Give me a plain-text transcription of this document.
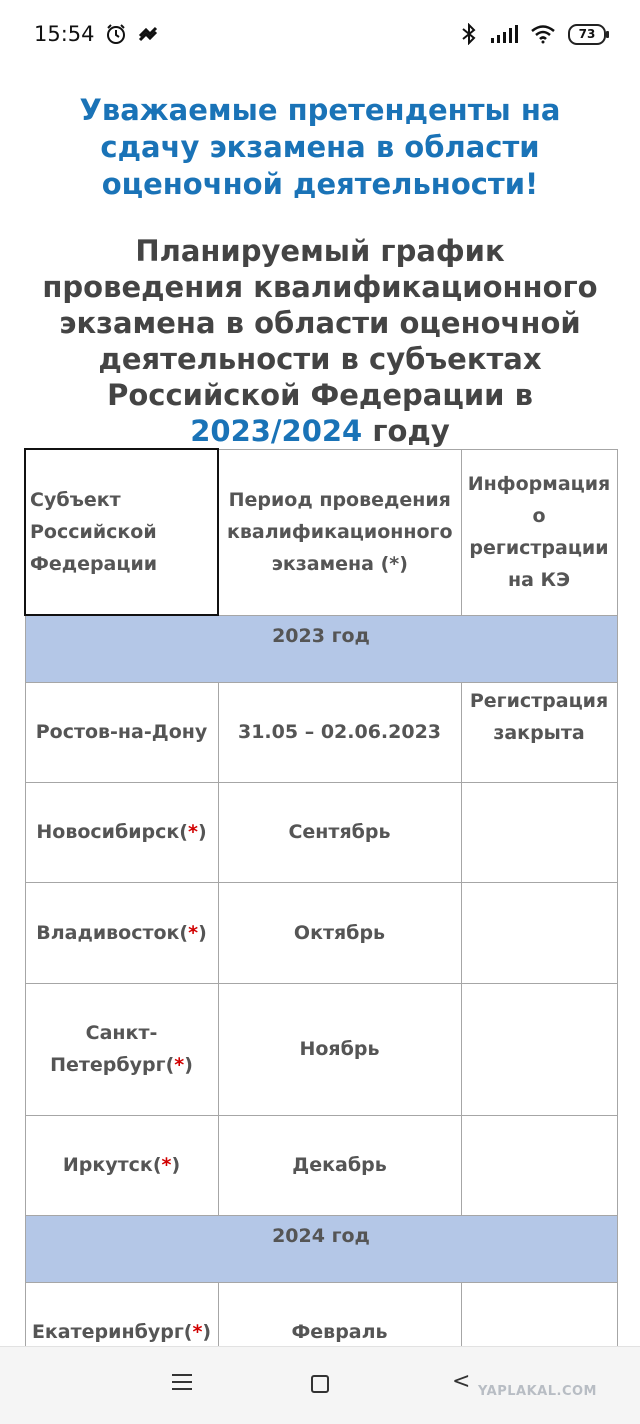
15:54	73
Уважаемые претенденты на сдачу экзамена в области оценочной деятельности!
Планируемый график проведения квалификационного экзамена в области оценочной деятельности в субъектах Российской Федерации в 2023/2024 году
Субъект Российской Федерации	Период проведения квалификационного экзамена (*)	Информация о регистрации на КЭ
2023 год		
Ростов-на-Дону	31.05 – 02.06.2023	Регистрация закрыта
Новосибирск(*)	Сентябрь	
Владивосток(*)	Октябрь	
Санкт-Петербург(*)	Ноябрь	
Иркутск(*)	Декабрь	
2024 год		
Екатеринбург(*)	Февраль	
< YAPLAKAL.COM
